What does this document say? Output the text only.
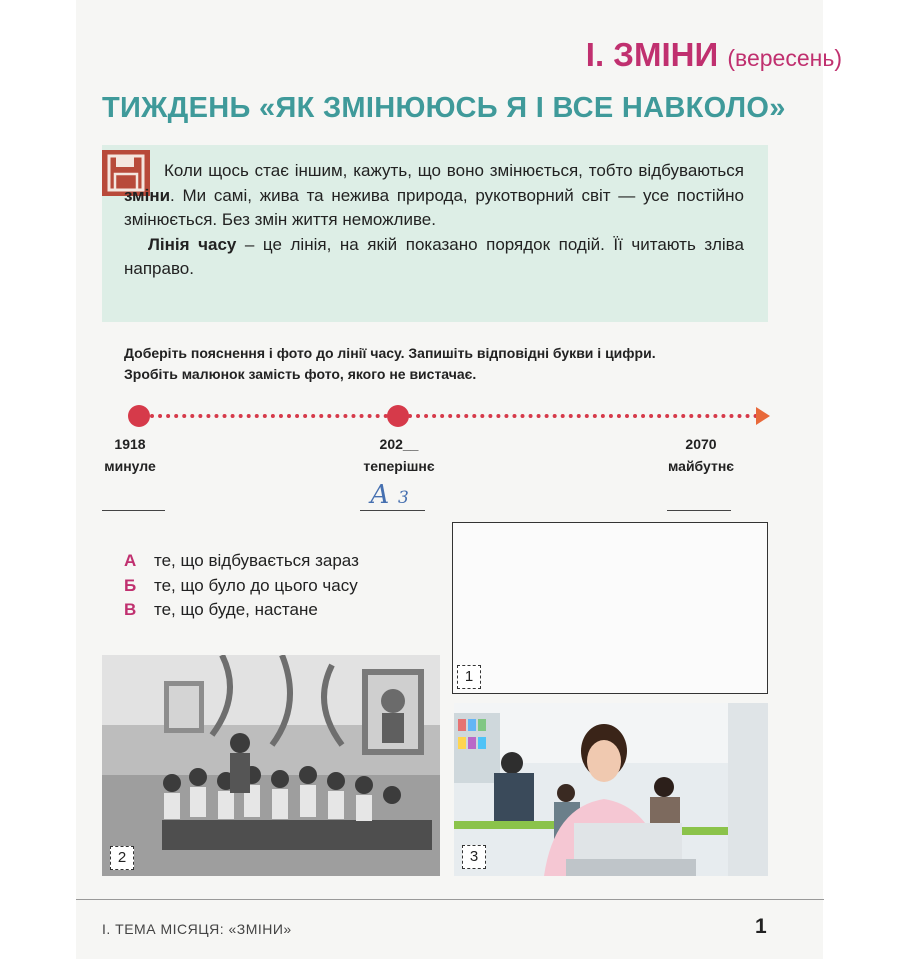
І. ЗМІНИ (вересень)
ТИЖДЕНЬ «ЯК ЗМІНЮЮСЬ Я І ВСЕ НАВКОЛО»

Коли щось стає іншим, кажуть, що воно змінюється, тобто відбуваються зміни. Ми самі, жива та нежива природа, рукотворний світ — усе постійно змінюється. Без змін життя неможливе.

Лінія часу – це лінія, на якій показано порядок подій. Її читають зліва направо.

Доберіть пояснення і фото до лінії часу. Запишіть відповідні букви і цифри.
Зробіть малюнок замість фото, якого не вистачає.
1918
минуле
202__
теперішнє
2070
майбутнє
А 3
А те, що відбувається зараз
Б те, що було до цього часу
В те, що буде, настане
1
2	3
І. ТЕМА МІСЯЦЯ: «ЗМІНИ»	1
